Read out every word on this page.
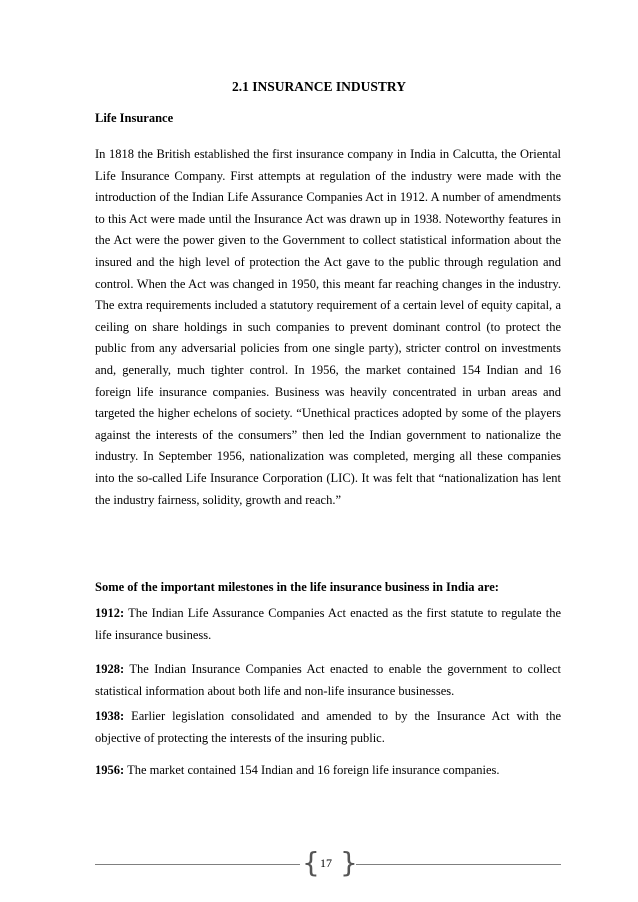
2.1 INSURANCE INDUSTRY
Life Insurance

In 1818 the British established the first insurance company in India in Calcutta, the Oriental Life Insurance Company. First attempts at regulation of the industry were made with the introduction of the Indian Life Assurance Companies Act in 1912. A number of amendments to this Act were made until the Insurance Act was drawn up in 1938. Noteworthy features in the Act were the power given to the Government to collect statistical information about the insured and the high level of protection the Act gave to the public through regulation and control. When the Act was changed in 1950, this meant far reaching changes in the industry. The extra requirements included a statutory requirement of a certain level of equity capital, a ceiling on share holdings in such companies to prevent dominant control (to protect the public from any adversarial policies from one single party), stricter control on investments and, generally, much tighter control. In 1956, the market contained 154 Indian and 16 foreign life insurance companies. Business was heavily concentrated in urban areas and targeted the higher echelons of society. “Unethical practices adopted by some of the players against the interests of the consumers” then led the Indian government to nationalize the industry. In September 1956, nationalization was completed, merging all these companies into the so-called Life Insurance Corporation (LIC). It was felt that “nationalization has lent the industry fairness, solidity, growth and reach.”

Some of the important milestones in the life insurance business in India are:

1912: The Indian Life Assurance Companies Act enacted as the first statute to regulate the life insurance business.

1928: The Indian Insurance Companies Act enacted to enable the government to collect statistical information about both life and non-life insurance businesses.

1938: Earlier legislation consolidated and amended to by the Insurance Act with the objective of protecting the interests of the insuring public.

1956: The market contained 154 Indian and 16 foreign life insurance companies.

{ 17 }
